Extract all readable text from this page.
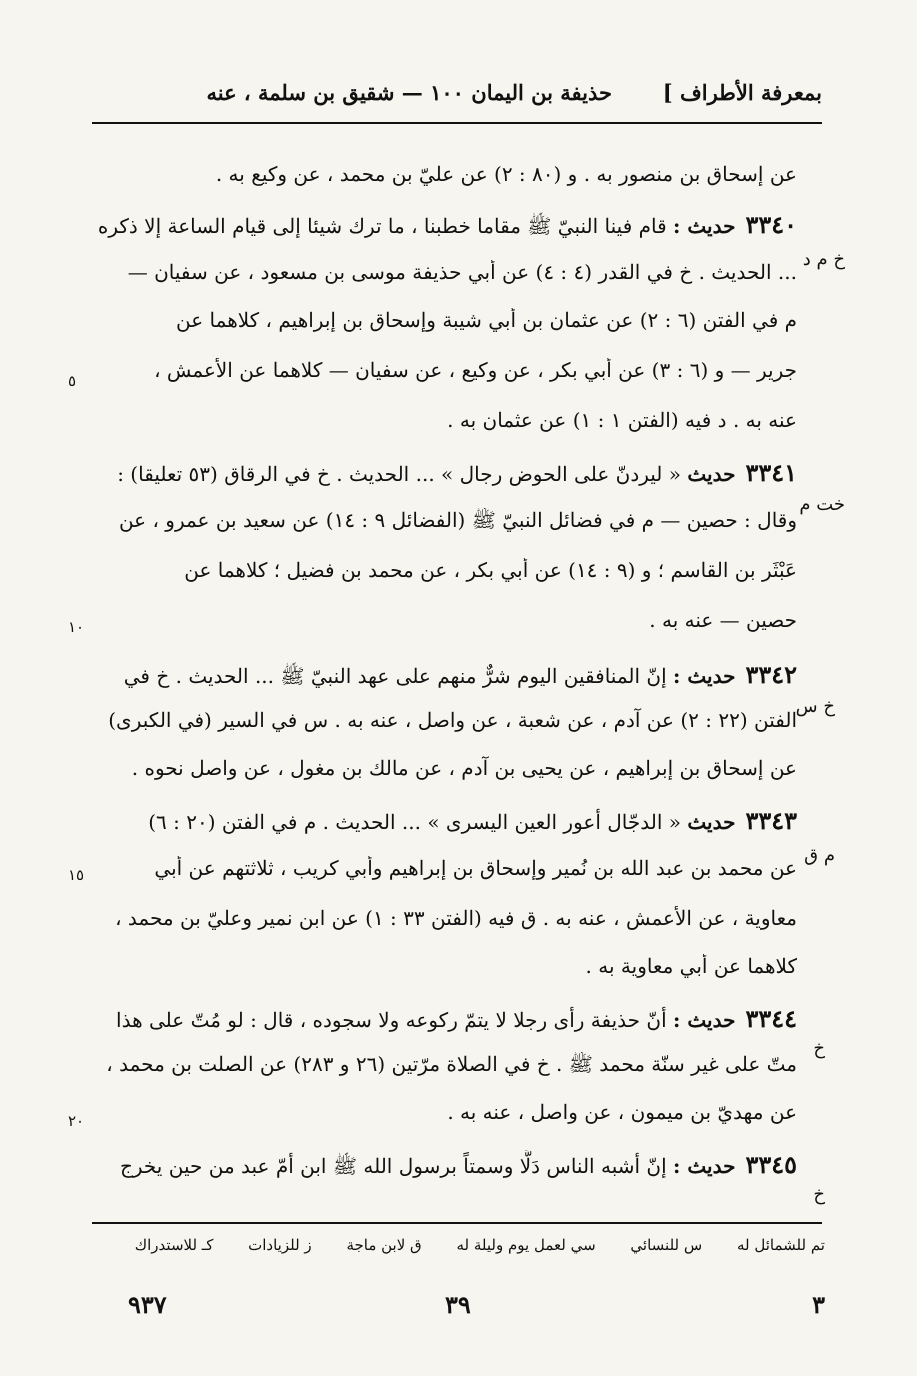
بمعرفة الأطراف ]
حذيفة بن اليمان ١٠٠ — شقيق بن سلمة ، عنه
عن إسحاق بن منصور به . و (٨٠ : ٢) عن عليّ بن محمد ، عن وكيع به .
٣٣٤٠حديث : قام فينا النبيّ ﷺ مقاما خطبنا ، ما ترك شيئا إلى قيام الساعة إلا ذكره
... الحديث . خ في القدر (٤ : ٤) عن أبي حذيفة موسى بن مسعود ، عن سفيان —
م في الفتن (٦ : ٢) عن عثمان بن أبي شيبة وإسحاق بن إبراهيم ، كلاهما عن
جرير — و (٦ : ٣) عن أبي بكر ، عن وكيع ، عن سفيان — كلاهما عن الأعمش ،
عنه به . د فيه (الفتن ١ : ١) عن عثمان به .
٣٣٤١حديث « ليردنّ على الحوض رجال » ... الحديث . خ في الرقاق (٥٣ تعليقا) :
وقال : حصين — م في فضائل النبيّ ﷺ (الفضائل ٩ : ١٤) عن سعيد بن عمرو ، عن
عَبْثَر بن القاسم ؛ و (٩ : ١٤) عن أبي بكر ، عن محمد بن فضيل ؛ كلاهما عن
حصين — عنه به .
٣٣٤٢حديث : إنّ المنافقين اليوم شرٌّ منهم على عهد النبيّ ﷺ ... الحديث . خ في
الفتن (٢٢ : ٢) عن آدم ، عن شعبة ، عن واصل ، عنه به . س في السير (في الكبرى)
عن إسحاق بن إبراهيم ، عن يحيى بن آدم ، عن مالك بن مغول ، عن واصل نحوه .
٣٣٤٣حديث « الدجّال أعور العين اليسرى » ... الحديث . م في الفتن (٢٠ : ٦)
عن محمد بن عبد الله بن نُمير وإسحاق بن إبراهيم وأبي كريب ، ثلاثتهم عن أبي
معاوية ، عن الأعمش ، عنه به . ق فيه (الفتن ٣٣ : ١) عن ابن نمير وعليّ بن محمد ،
كلاهما عن أبي معاوية به .
٣٣٤٤حديث : أنّ حذيفة رأى رجلا لا يتمّ ركوعه ولا سجوده ، قال : لو مُتّ على هذا
متّ على غير سنّة محمد ﷺ . خ في الصلاة مرّتين (٢٦ و ٢٨٣) عن الصلت بن محمد ،
عن مهديّ بن ميمون ، عن واصل ، عنه به .
٣٣٤٥حديث : إنّ أشبه الناس دَلًّا وسمتاً برسول الله ﷺ ابن أمّ عبد من حين يخرج
خ م د
خت م
خ س
م ق
خ
خ
٥
١٠
١٥
٢٠
تم للشمائل له س للنسائي سي لعمل يوم وليلة له ق لابن ماجة ز للزيادات كـ للاستدراك
٣
٣٩
٩٣٧
